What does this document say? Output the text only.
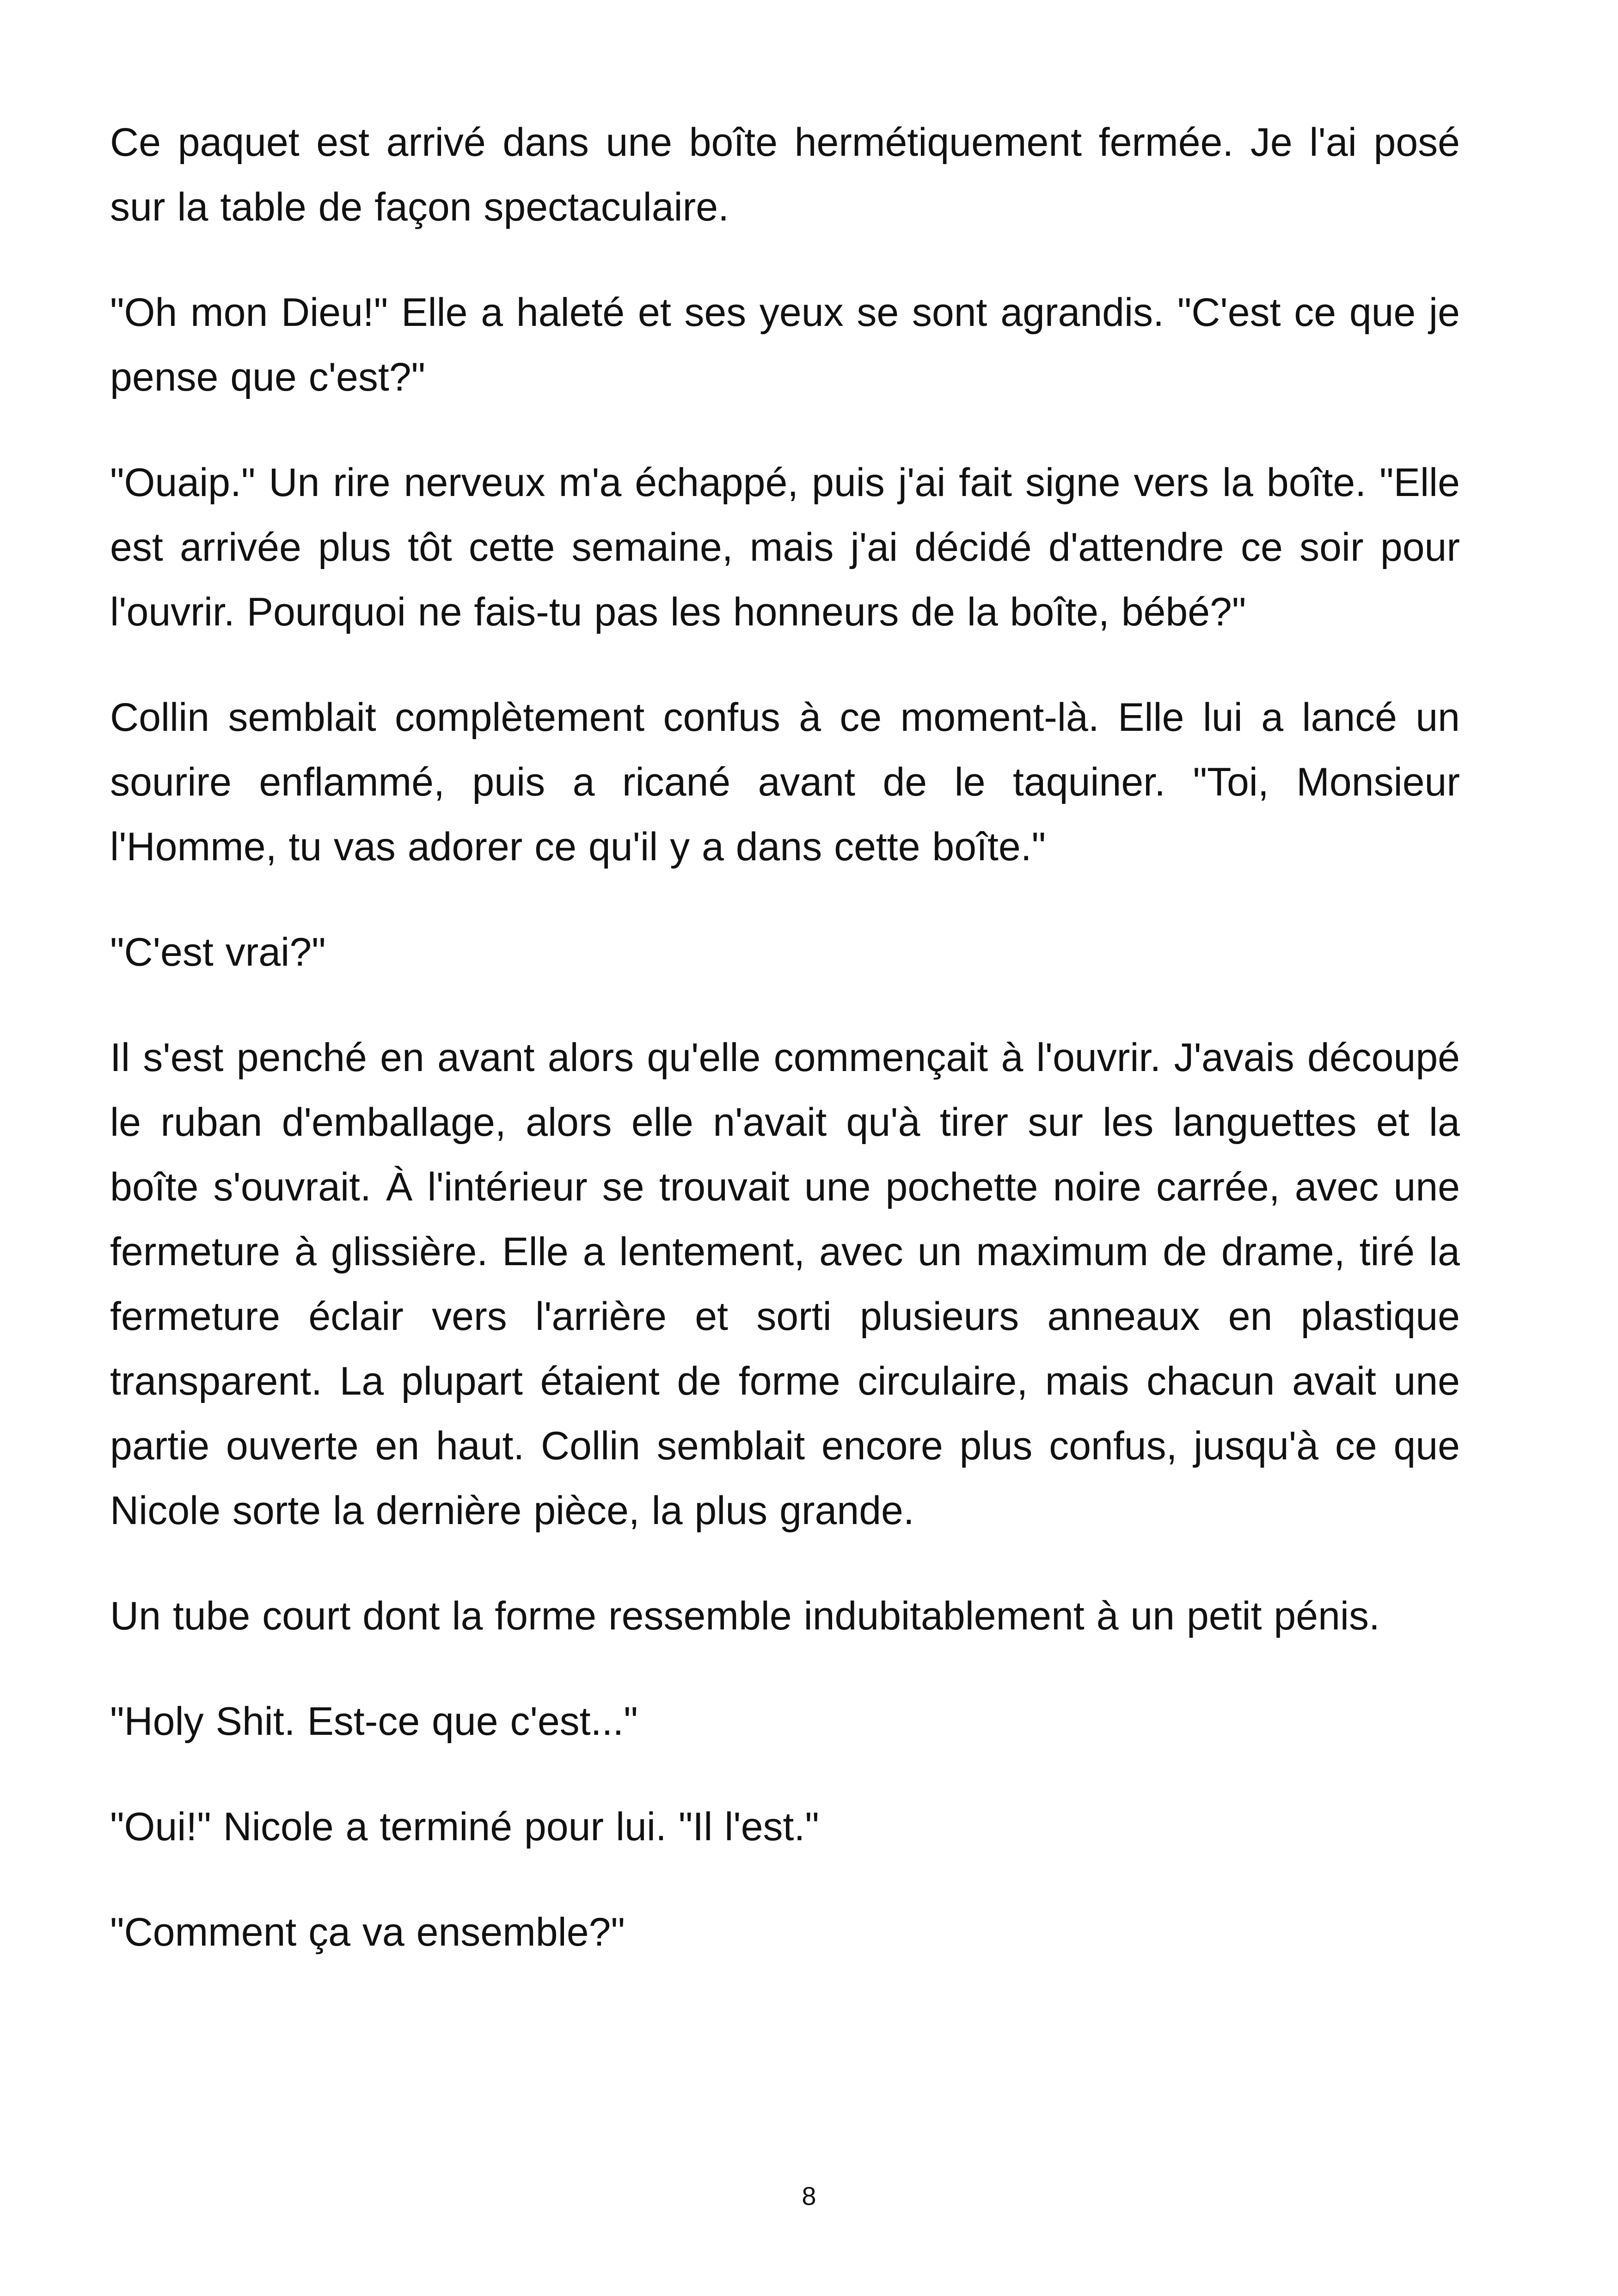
Ce paquet est arrivé dans une boîte hermétiquement fermée. Je l'ai posé sur la table de façon spectaculaire.

"Oh mon Dieu!" Elle a haleté et ses yeux se sont agrandis. "C'est ce que je pense que c'est?"

"Ouaip." Un rire nerveux m'a échappé, puis j'ai fait signe vers la boîte. "Elle est arrivée plus tôt cette semaine, mais j'ai décidé d'attendre ce soir pour l'ouvrir. Pourquoi ne fais-tu pas les honneurs de la boîte, bébé?"

Collin semblait complètement confus à ce moment-là. Elle lui a lancé un sourire enflammé, puis a ricané avant de le taquiner. "Toi, Monsieur l'Homme, tu vas adorer ce qu'il y a dans cette boîte."

"C'est vrai?"

Il s'est penché en avant alors qu'elle commençait à l'ouvrir. J'avais découpé le ruban d'emballage, alors elle n'avait qu'à tirer sur les languettes et la boîte s'ouvrait. À l'intérieur se trouvait une pochette noire carrée, avec une fermeture à glissière. Elle a lentement, avec un maximum de drame, tiré la fermeture éclair vers l'arrière et sorti plusieurs anneaux en plastique transparent. La plupart étaient de forme circulaire, mais chacun avait une partie ouverte en haut. Collin semblait encore plus confus, jusqu'à ce que Nicole sorte la dernière pièce, la plus grande.

Un tube court dont la forme ressemble indubitablement à un petit pénis.

"Holy Shit. Est-ce que c'est..."

"Oui!" Nicole a terminé pour lui. "Il l'est."

"Comment ça va ensemble?"

8
